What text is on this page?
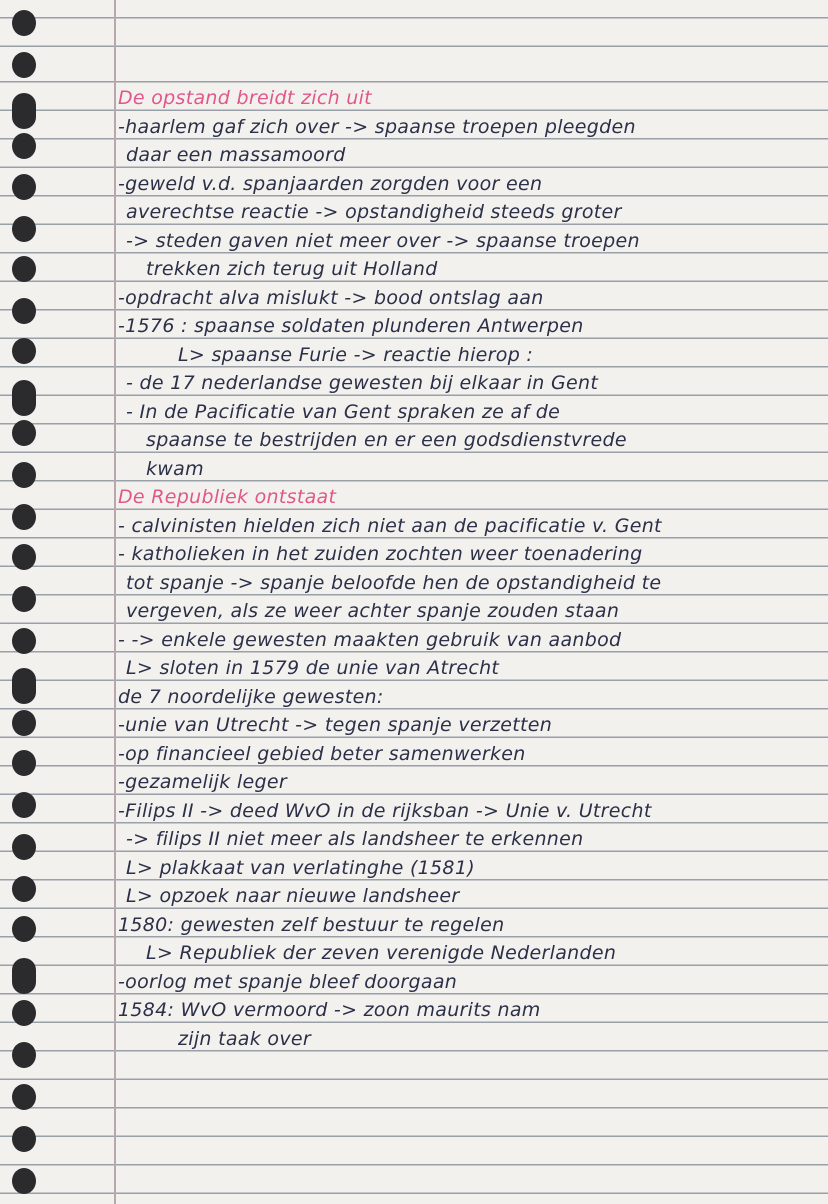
De opstand breidt zich uit
-haarlem gaf zich over -> spaanse troepen pleegden
daar een massamoord
-geweld v.d. spanjaarden zorgden voor een
averechtse reactie -> opstandigheid steeds groter
-> steden gaven niet meer over -> spaanse troepen
trekken zich terug uit Holland
-opdracht alva mislukt -> bood ontslag aan
-1576 : spaanse soldaten plunderen Antwerpen
L> spaanse Furie -> reactie hierop :
- de 17 nederlandse gewesten bij elkaar in Gent
- In de Pacificatie van Gent spraken ze af de
spaanse te bestrijden en er een godsdienstvrede
kwam
De Republiek ontstaat
- calvinisten hielden zich niet aan de pacificatie v. Gent
- katholieken in het zuiden zochten weer toenadering
tot spanje -> spanje beloofde hen de opstandigheid te
vergeven, als ze weer achter spanje zouden staan
- -> enkele gewesten maakten gebruik van aanbod
L> sloten in 1579 de unie van Atrecht
de 7 noordelijke gewesten:
-unie van Utrecht -> tegen spanje verzetten
-op financieel gebied beter samenwerken
-gezamelijk leger
-Filips II -> deed WvO in de rijksban -> Unie v. Utrecht
-> filips II niet meer als landsheer te erkennen
L> plakkaat van verlatinghe (1581)
L> opzoek naar nieuwe landsheer
1580: gewesten zelf bestuur te regelen
L> Republiek der zeven verenigde Nederlanden
-oorlog met spanje bleef doorgaan
1584: WvO vermoord -> zoon maurits nam
zijn taak over
